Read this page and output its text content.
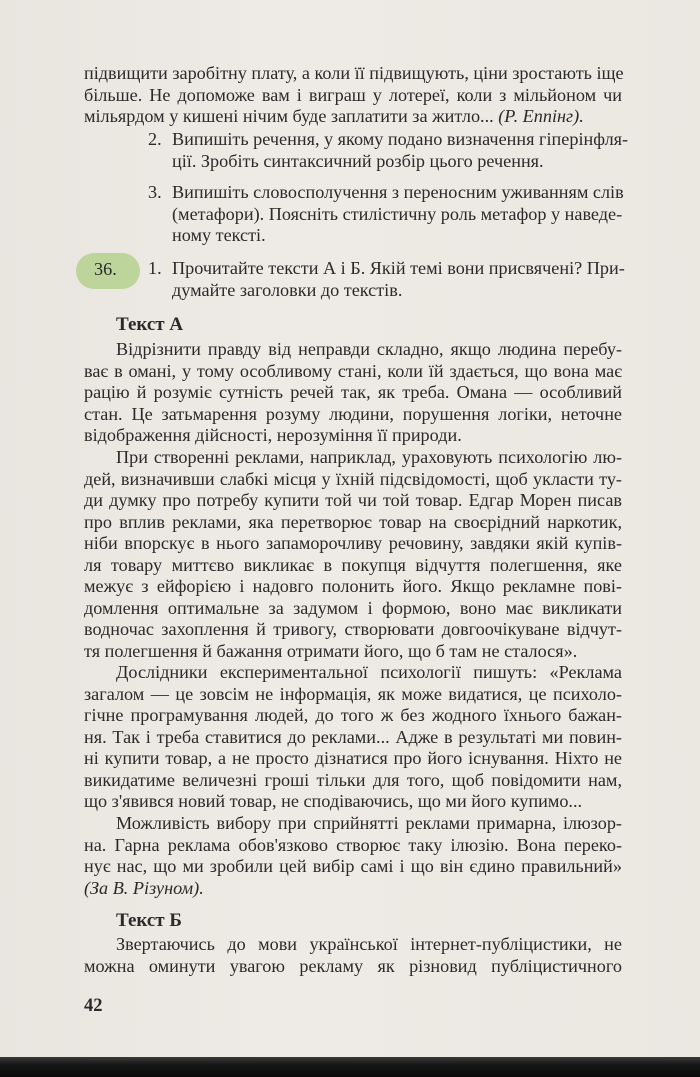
підвищити заробітну плату, а коли її підвищують, ціни зростають іще
більше. Не допоможе вам і виграш у лотереї, коли з мільйоном чи
мільярдом у кишені нічим буде заплатити за житло... (Р. Еппінг).
2. Випишіть речення, у якому подано визначення гіперінфля-
ції. Зробіть синтаксичний розбір цього речення.
3. Випишіть словосполучення з переносним уживанням слів
(метафори). Поясніть стилістичну роль метафор у наведе-
ному тексті.
36. 1. Прочитайте тексти А і Б. Якій темі вони присвячені? При-
думайте заголовки до текстів.
Текст А
Відрізнити правду від неправди складно, якщо людина перебу-
ває в омані, у тому особливому стані, коли їй здається, що вона має
рацію й розуміє сутність речей так, як треба. Омана — особливий
стан. Це затьмарення розуму людини, порушення логіки, неточне
відображення дійсності, нерозуміння її природи.
При створенні реклами, наприклад, ураховують психологію лю-
дей, визначивши слабкі місця у їхній підсвідомості, щоб укласти ту-
ди думку про потребу купити той чи той товар. Едгар Морен писав
про вплив реклами, яка перетворює товар на своєрідний наркотик,
ніби впорскує в нього запаморочливу речовину, завдяки якій купів-
ля товару миттєво викликає в покупця відчуття полегшення, яке
межує з ейфорією і надовго полонить його. Якщо рекламне пові-
домлення оптимальне за задумом і формою, воно має викликати
водночас захоплення й тривогу, створювати довгоочікуване відчут-
тя полегшення й бажання отримати його, що б там не сталося».
Дослідники експериментальної психології пишуть: «Реклама
загалом — це зовсім не інформація, як може видатися, це психоло-
гічне програмування людей, до того ж без жодного їхнього бажан-
ня. Так і треба ставитися до реклами... Адже в результаті ми повин-
ні купити товар, а не просто дізнатися про його існування. Ніхто не
викидатиме величезні гроші тільки для того, щоб повідомити нам,
що з'явився новий товар, не сподіваючись, що ми його купимо...
Можливість вибору при сприйнятті реклами примарна, ілюзор-
на. Гарна реклама обов'язково створює таку ілюзію. Вона переко-
нує нас, що ми зробили цей вибір самі і що він єдино правильний»
(За В. Різуном).
Текст Б
Звертаючись до мови української інтернет-публіцистики, не
можна оминути увагою рекламу як різновид публіцистичного
42
